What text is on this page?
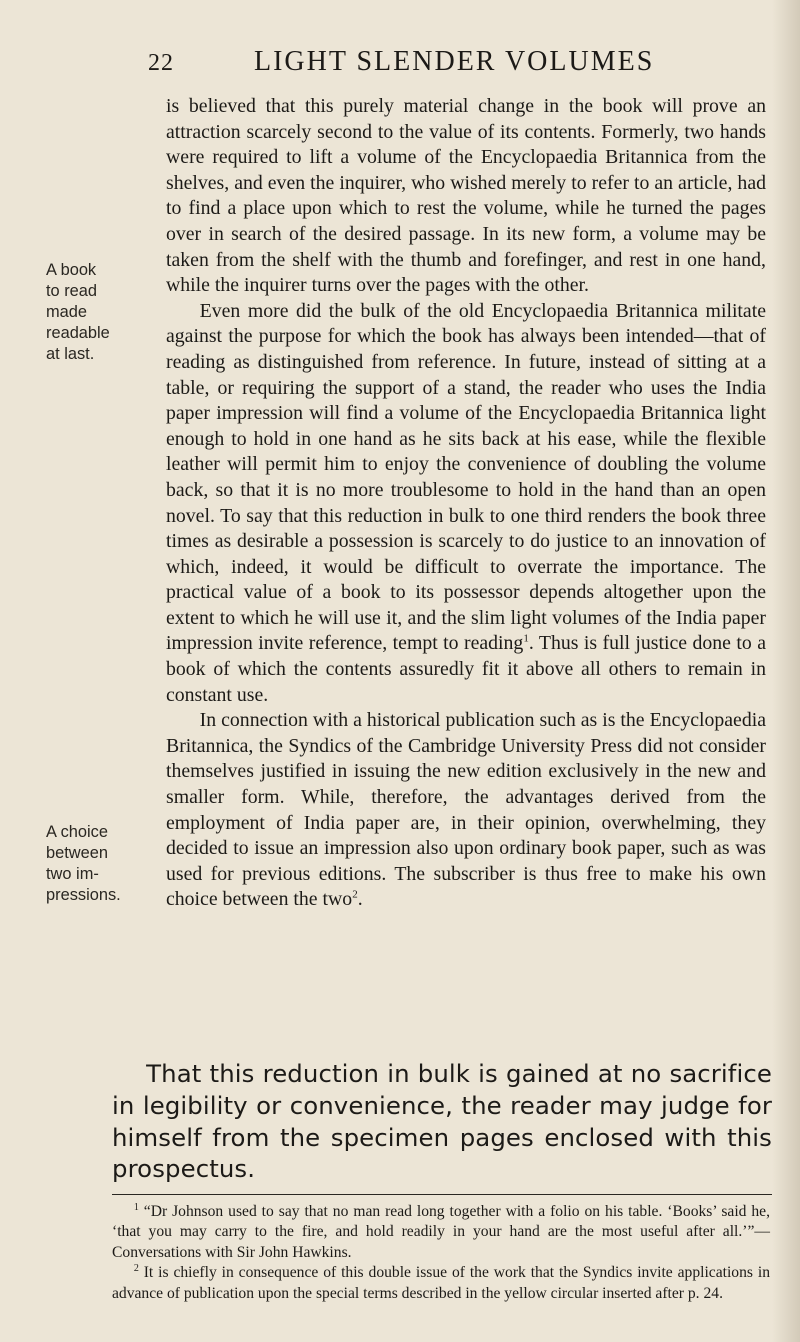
22	LIGHT SLENDER VOLUMES
A book
to read
made
readable
at last.
A choice
between
two im-
pressions.

is believed that this purely material change in the book will prove an attraction scarcely second to the value of its contents. Formerly, two hands were required to lift a volume of the Encyclopaedia Britannica from the shelves, and even the inquirer, who wished merely to refer to an article, had to find a place upon which to rest the volume, while he turned the pages over in search of the desired passage. In its new form, a volume may be taken from the shelf with the thumb and forefinger, and rest in one hand, while the inquirer turns over the pages with the other.

Even more did the bulk of the old Encyclopaedia Britannica militate against the purpose for which the book has always been intended—that of reading as distinguished from reference. In future, instead of sitting at a table, or requiring the support of a stand, the reader who uses the India paper impression will find a volume of the Encyclopaedia Britannica light enough to hold in one hand as he sits back at his ease, while the flexible leather will permit him to enjoy the convenience of doubling the volume back, so that it is no more troublesome to hold in the hand than an open novel. To say that this reduction in bulk to one third renders the book three times as desirable a possession is scarcely to do justice to an innovation of which, indeed, it would be difficult to overrate the importance. The practical value of a book to its possessor depends altogether upon the extent to which he will use it, and the slim light volumes of the India paper impression invite reference, tempt to reading$^1$. Thus is full justice done to a book of which the contents assuredly fit it above all others to remain in constant use.

In connection with a historical publication such as is the Encyclopaedia Britannica, the Syndics of the Cambridge University Press did not consider themselves justified in issuing the new edition exclusively in the new and smaller form. While, therefore, the advantages derived from the employment of India paper are, in their opinion, overwhelming, they decided to issue an impression also upon ordinary book paper, such as was used for previous editions. The subscriber is thus free to make his own choice between the two$^2$.

That this reduction in bulk is gained at no sacrifice in legibility or convenience, the reader may judge for himself from the specimen pages enclosed with this prospectus.

$^1$ “Dr Johnson used to say that no man read long together with a folio on his table. ‘Books’ said he, ‘that you may carry to the fire, and hold readily in your hand are the most useful after all.’”—Conversations with Sir John Hawkins.

$^2$ It is chiefly in consequence of this double issue of the work that the Syndics invite applications in advance of publication upon the special terms described in the yellow circular inserted after p. 24.
